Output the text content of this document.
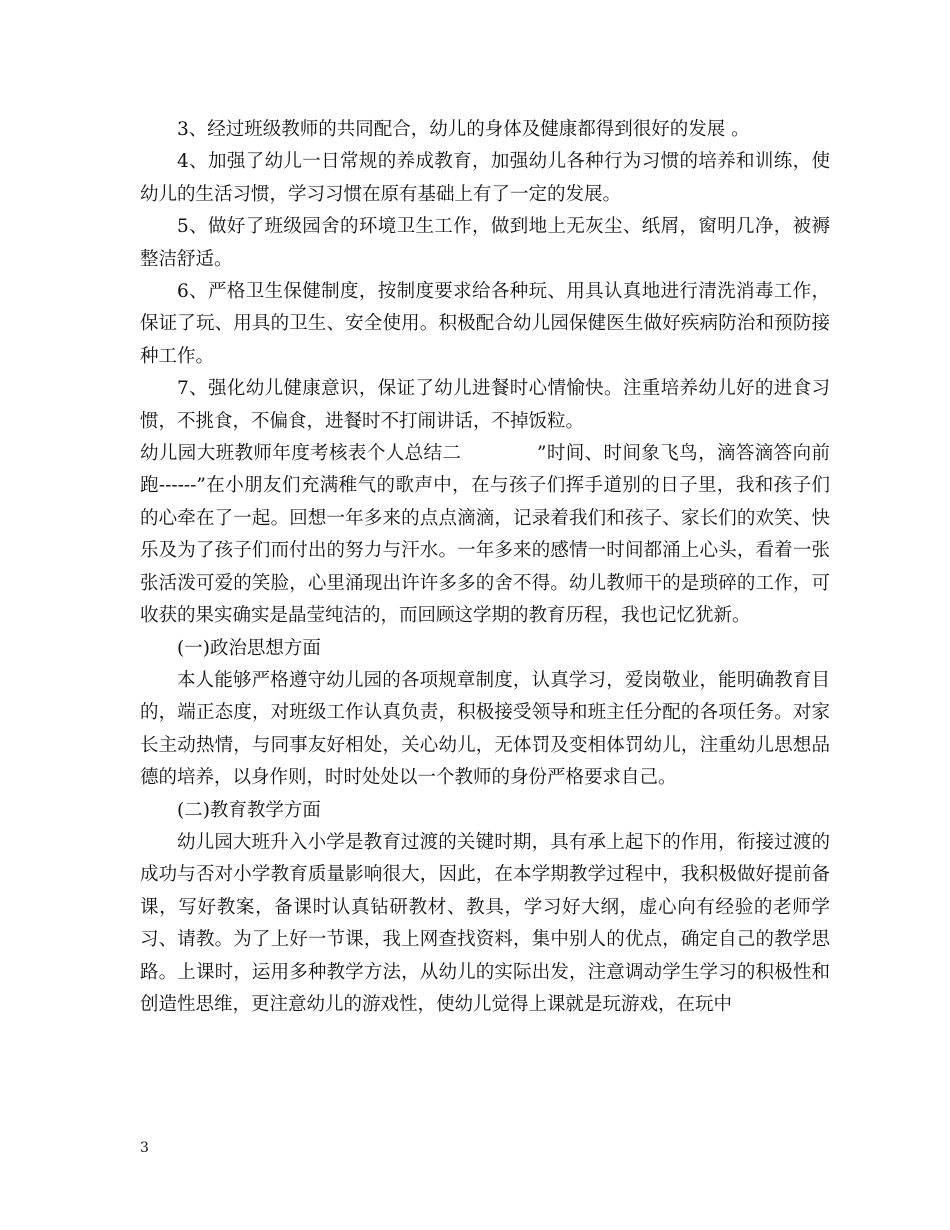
3、经过班级教师的共同配合，幼儿的身体及健康都得到很好的发展 。

4、加强了幼儿一日常规的养成教育，加强幼儿各种行为习惯的培养和训练，使幼儿的生活习惯，学习习惯在原有基础上有了一定的发展。

5、做好了班级园舍的环境卫生工作，做到地上无灰尘、纸屑，窗明几净，被褥整洁舒适。

6、严格卫生保健制度，按制度要求给各种玩、用具认真地进行清洗消毒工作，保证了玩、用具的卫生、安全使用。积极配合幼儿园保健医生做好疾病防治和预防接种工作。

7、强化幼儿健康意识，保证了幼儿进餐时心情愉快。注重培养幼儿好的进食习惯，不挑食，不偏食，进餐时不打闹讲话，不掉饭粒。

幼儿园大班教师年度考核表个人总结二　　　　	”时间、时间象飞鸟，滴答滴答向前跑------”在小朋友们充满稚气的歌声中，在与孩子们挥手道别的日子里，我和孩子们的心牵在了一起。回想一年多来的点点滴滴，记录着我们和孩子、家长们的欢笑、快乐及为了孩子们而付出的努力与汗水。一年多来的感情一时间都涌上心头，看着一张张活泼可爱的笑脸，心里涌现出许许多多的舍不得。幼儿教师干的是琐碎的工作，可收获的果实确实是晶莹纯洁的，而回顾这学期的教育历程，我也记忆犹新。

(一)政治思想方面

本人能够严格遵守幼儿园的各项规章制度，认真学习，爱岗敬业，能明确教育目的，端正态度，对班级工作认真负责，积极接受领导和班主任分配的各项任务。对家长主动热情，与同事友好相处，关心幼儿，无体罚及变相体罚幼儿，注重幼儿思想品德的培养，以身作则，时时处处以一个教师的身份严格要求自己。

(二)教育教学方面

幼儿园大班升入小学是教育过渡的关键时期，具有承上起下的作用，衔接过渡的成功与否对小学教育质量影响很大，因此，在本学期教学过程中，我积极做好提前备课，写好教案，备课时认真钻研教材、教具，学习好大纲，虚心向有经验的老师学习、请教。为了上好一节课，我上网查找资料，集中别人的优点，确定自己的教学思路。上课时，运用多种教学方法，从幼儿的实际出发，注意调动学生学习的积极性和创造性思维，更注意幼儿的游戏性，使幼儿觉得上课就是玩游戏，在玩中

3
